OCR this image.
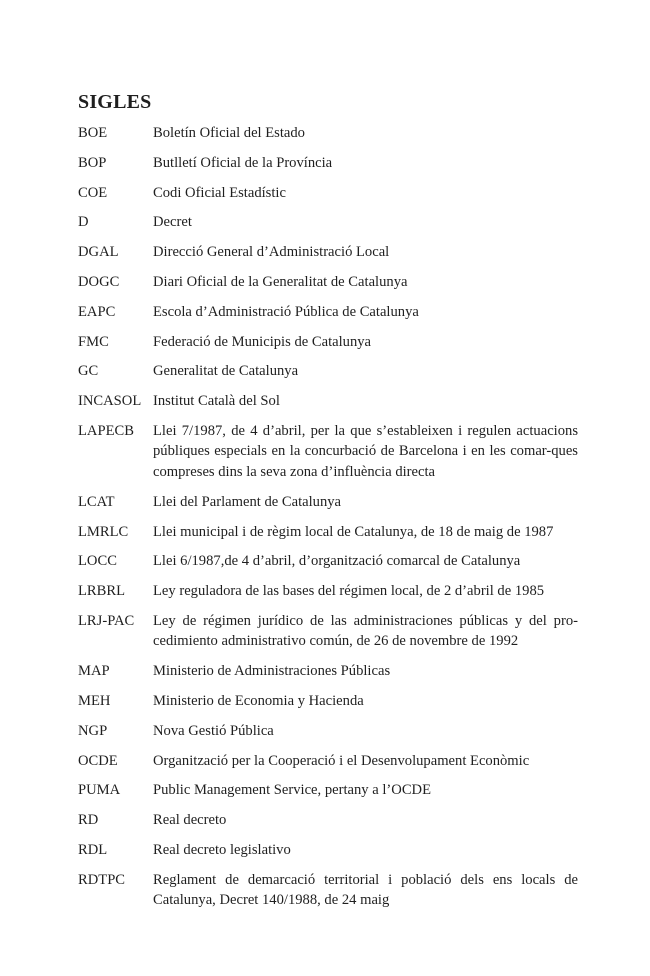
SIGLES
BOE	Boletín Oficial del Estado
BOP	Butlletí Oficial de la Província
COE	Codi Oficial Estadístic
D	Decret
DGAL	Direcció General d’Administració Local
DOGC	Diari Oficial de la Generalitat de Catalunya
EAPC	Escola d’Administració Pública de Catalunya
FMC	Federació de Municipis de Catalunya
GC	Generalitat de Catalunya
INCASOL Institut Català del Sol
LAPECB	Llei 7/1987, de 4 d’abril, per la que s’estableixen i regulen actuacions públiques especials en la concurbació de Barcelona i en les comar-ques compreses dins la seva zona d’influència directa
LCAT	Llei del Parlament de Catalunya
LMRLC	Llei municipal i de règim local de Catalunya, de 18 de maig de 1987
LOCC	Llei 6/1987,de 4 d’abril, d’organització comarcal de Catalunya
LRBRL	Ley reguladora de las bases del régimen local, de 2 d’abril de 1985
LRJ-PAC	Ley de régimen jurídico de las administraciones públicas y del pro-cedimiento administrativo común, de 26 de novembre de 1992
MAP	Ministerio de Administraciones Públicas
MEH	Ministerio de Economia y Hacienda
NGP	Nova Gestió Pública
OCDE	Organització per la Cooperació i el Desenvolupament Econòmic
PUMA	Public Management Service, pertany a l’OCDE
RD	Real decreto
RDL	Real decreto legislativo
RDTPC	Reglament de demarcació territorial i població dels ens locals de Catalunya, Decret 140/1988, de 24 maig
